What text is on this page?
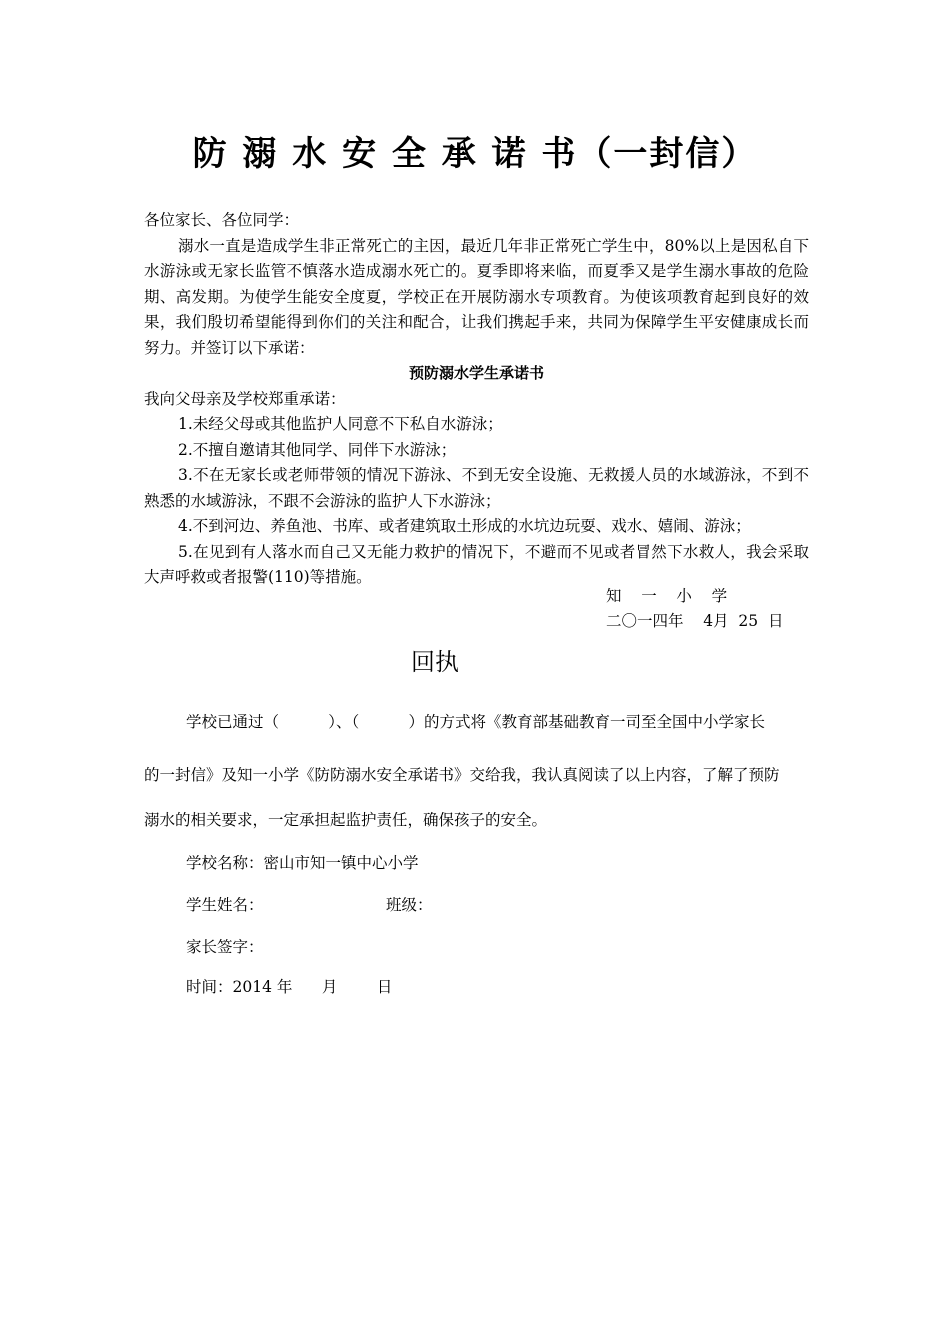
防 溺 水 安 全 承 诺 书（一封信）

各位家长、各位同学：

溺水一直是造成学生非正常死亡的主因，最近几年非正常死亡学生中，80%以上是因私自下水游泳或无家长监管不慎落水造成溺水死亡的。夏季即将来临，而夏季又是学生溺水事故的危险期、高发期。为使学生能安全度夏，学校正在开展防溺水专项教育。为使该项教育起到良好的效果，我们殷切希望能得到你们的关注和配合，让我们携起手来，共同为保障学生平安健康成长而努力。并签订以下承诺：

预防溺水学生承诺书

我向父母亲及学校郑重承诺：

1.未经父母或其他监护人同意不下私自水游泳；

2.不擅自邀请其他同学、同伴下水游泳；

3.不在无家长或老师带领的情况下游泳、不到无安全设施、无救援人员的水域游泳，不到不熟悉的水域游泳，不跟不会游泳的监护人下水游泳；

4.不到河边、养鱼池、书库、或者建筑取土形成的水坑边玩耍、戏水、嬉闹、游泳；

5.在见到有人落水而自己又无能力救护的情况下，不避而不见或者冒然下水救人，我会采取大声呼救或者报警(110)等措施。

知    一    小    学
二〇一四年    4月  25  日
回执
学校已通过（          ）、（          ）的方式将《教育部基础教育一司至全国中小学家长
的一封信》及知一小学《防防溺水安全承诺书》交给我，我认真阅读了以上内容，了解了预防
溺水的相关要求，一定承担起监护责任，确保孩子的安全。
学校名称：密山市知一镇中心小学
学生姓名：	班级：
家长签字：
时间：2014 年      月        日
